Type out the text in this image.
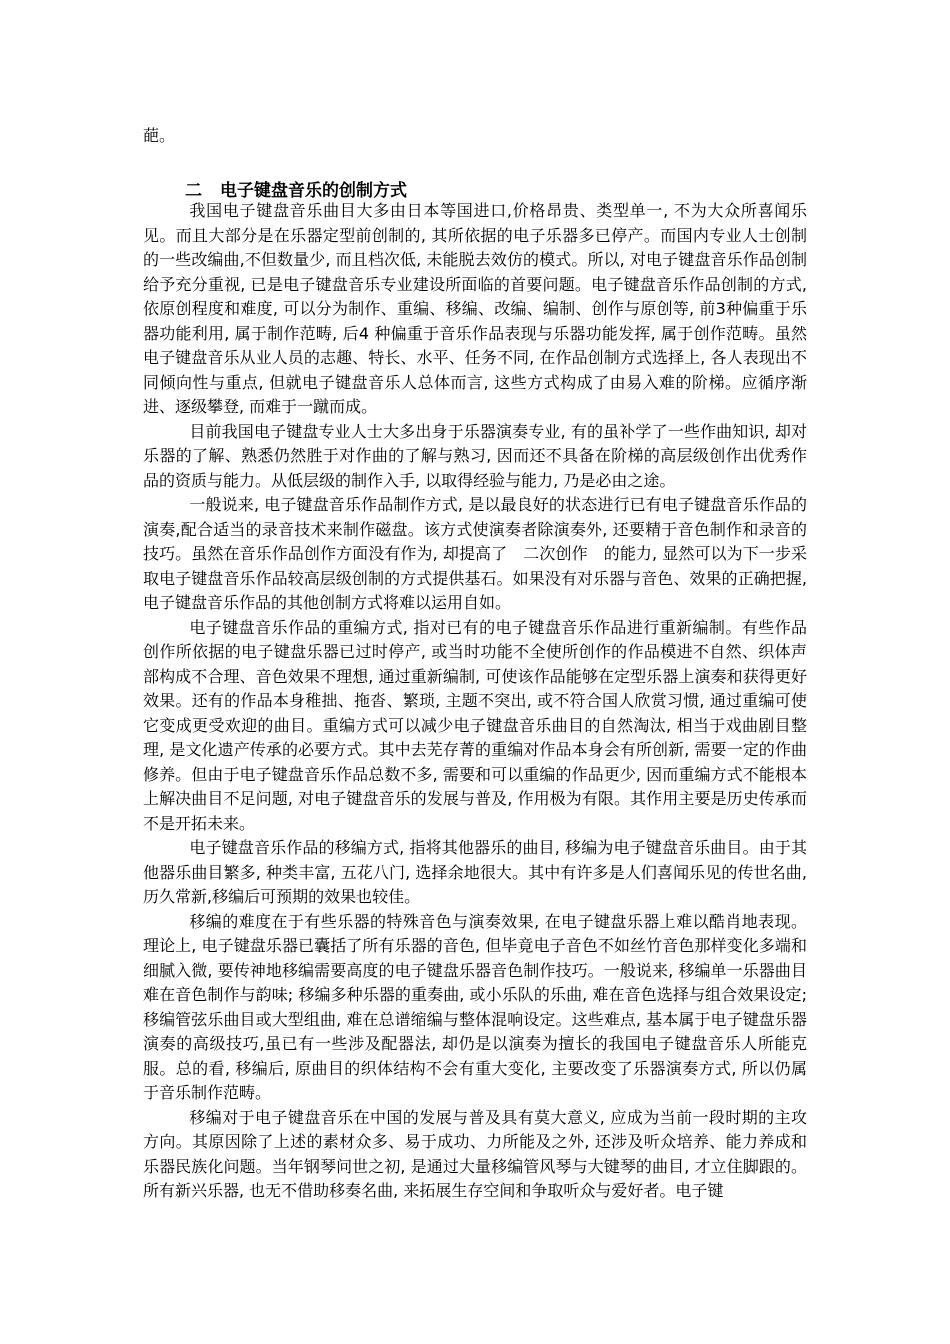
葩。

二 电子键盘音乐的创制方式

我国电子键盘音乐曲目大多由日本等国进口,价格昂贵、类型单一, 不为大众所喜闻乐见。而且大部分是在乐器定型前创制的, 其所依据的电子乐器多已停产。而国内专业人士创制的一些改编曲,不但数量少, 而且档次低, 未能脱去效仿的模式。所以, 对电子键盘音乐作品创制给予充分重视, 已是电子键盘音乐专业建设所面临的首要问题。电子键盘音乐作品创制的方式, 依原创程度和难度, 可以分为制作、重编、移编、改编、编制、创作与原创等, 前3种偏重于乐器功能利用, 属于制作范畴, 后4 种偏重于音乐作品表现与乐器功能发挥, 属于创作范畴。虽然电子键盘音乐从业人员的志趣、特长、水平、任务不同, 在作品创制方式选择上, 各人表现出不同倾向性与重点, 但就电子键盘音乐人总体而言, 这些方式构成了由易入难的阶梯。应循序渐进、逐级攀登, 而难于一蹴而成。

目前我国电子键盘专业人士大多出身于乐器演奏专业, 有的虽补学了一些作曲知识, 却对乐器的了解、熟悉仍然胜于对作曲的了解与熟习, 因而还不具备在阶梯的高层级创作出优秀作品的资质与能力。从低层级的制作入手, 以取得经验与能力, 乃是必由之途。

一般说来, 电子键盘音乐作品制作方式, 是以最良好的状态进行已有电子键盘音乐作品的演奏,配合适当的录音技术来制作磁盘。该方式使演奏者除演奏外, 还要精于音色制作和录音的技巧。虽然在音乐作品创作方面没有作为, 却提高了　二次创作　的能力, 显然可以为下一步采取电子键盘音乐作品较高层级创制的方式提供基石。如果没有对乐器与音色、效果的正确把握, 电子键盘音乐作品的其他创制方式将难以运用自如。

电子键盘音乐作品的重编方式, 指对已有的电子键盘音乐作品进行重新编制。有些作品创作所依据的电子键盘乐器已过时停产, 或当时功能不全使所创作的作品模进不自然、织体声部构成不合理、音色效果不理想, 通过重新编制, 可使该作品能够在定型乐器上演奏和获得更好效果。还有的作品本身稚拙、拖沓、繁琐, 主题不突出, 或不符合国人欣赏习惯, 通过重编可使它变成更受欢迎的曲目。重编方式可以减少电子键盘音乐曲目的自然淘汰, 相当于戏曲剧目整理, 是文化遗产传承的必要方式。其中去芜存菁的重编对作品本身会有所创新, 需要一定的作曲修养。但由于电子键盘音乐作品总数不多, 需要和可以重编的作品更少, 因而重编方式不能根本上解决曲目不足问题, 对电子键盘音乐的发展与普及, 作用极为有限。其作用主要是历史传承而不是开拓未来。

电子键盘音乐作品的移编方式, 指将其他器乐的曲目, 移编为电子键盘音乐曲目。由于其他器乐曲目繁多, 种类丰富, 五花八门, 选择余地很大。其中有许多是人们喜闻乐见的传世名曲, 历久常新,移编后可预期的效果也较佳。

移编的难度在于有些乐器的特殊音色与演奏效果, 在电子键盘乐器上难以酷肖地表现。理论上, 电子键盘乐器已囊括了所有乐器的音色, 但毕竟电子音色不如丝竹音色那样变化多端和细腻入微, 要传神地移编需要高度的电子键盘乐器音色制作技巧。一般说来, 移编单一乐器曲目难在音色制作与韵味; 移编多种乐器的重奏曲, 或小乐队的乐曲, 难在音色选择与组合效果设定; 移编管弦乐曲目或大型组曲, 难在总谱缩编与整体混响设定。这些难点, 基本属于电子键盘乐器演奏的高级技巧,虽已有一些涉及配器法, 却仍是以演奏为擅长的我国电子键盘音乐人所能克服。总的看, 移编后, 原曲目的织体结构不会有重大变化, 主要改变了乐器演奏方式, 所以仍属于音乐制作范畴。

移编对于电子键盘音乐在中国的发展与普及具有莫大意义, 应成为当前一段时期的主攻方向。其原因除了上述的素材众多、易于成功、力所能及之外, 还涉及听众培养、能力养成和乐器民族化问题。当年钢琴问世之初, 是通过大量移编管风琴与大键琴的曲目, 才立住脚跟的。所有新兴乐器, 也无不借助移奏名曲, 来拓展生存空间和争取听众与爱好者。电子键
